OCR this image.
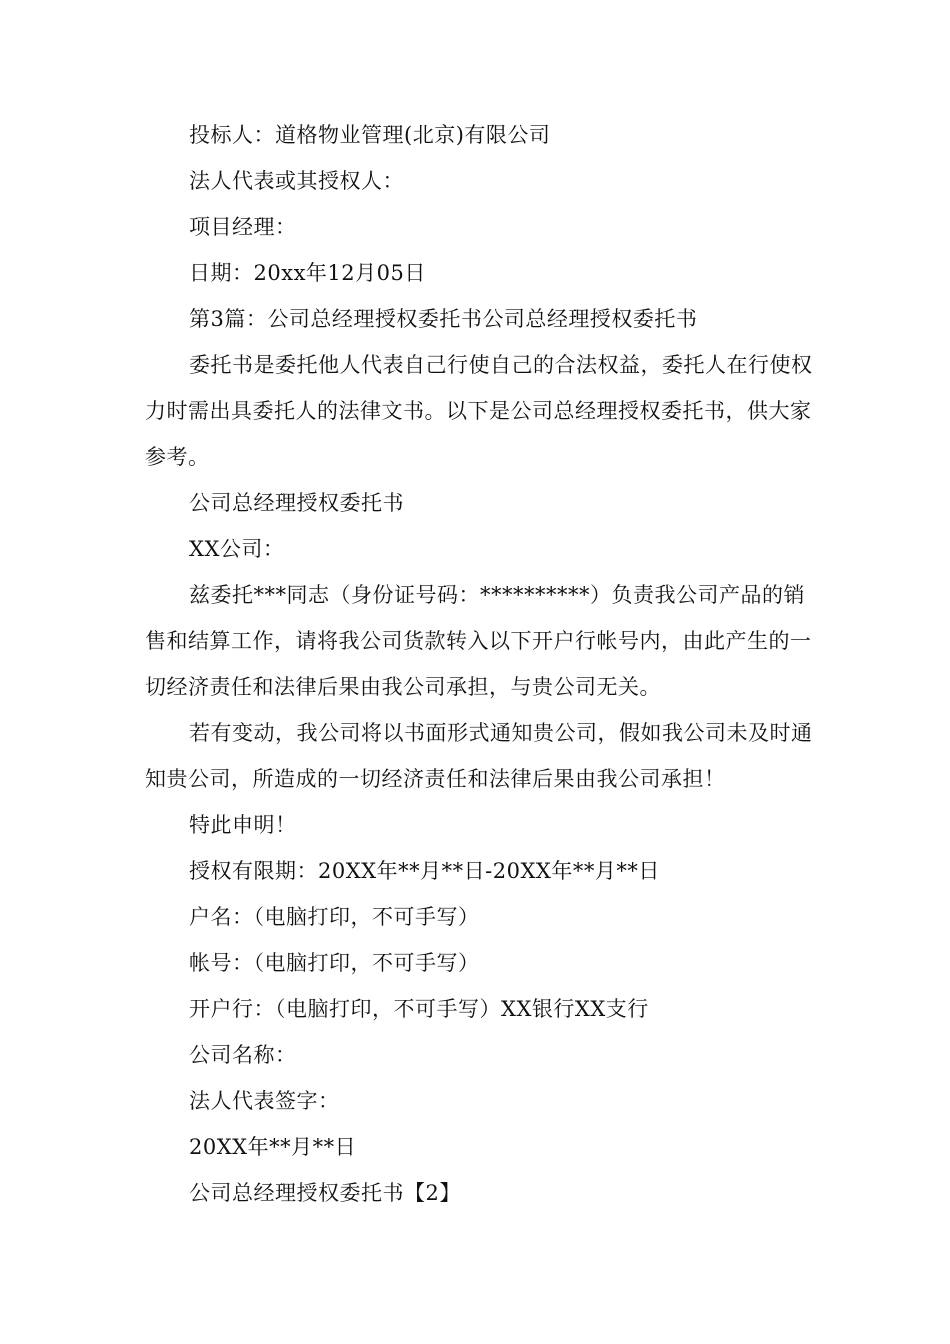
投标人：道格物业管理(北京)有限公司

法人代表或其授权人：

项目经理：

日期：20xx年12月05日

第3篇：公司总经理授权委托书公司总经理授权委托书

委托书是委托他人代表自己行使自己的合法权益，委托人在行使权力时需出具委托人的法律文书。以下是公司总经理授权委托书，供大家参考。

公司总经理授权委托书

XX公司：

兹委托***同志（身份证号码：**********）负责我公司产品的销售和结算工作，请将我公司货款转入以下开户行帐号内，由此产生的一切经济责任和法律后果由我公司承担，与贵公司无关。

若有变动，我公司将以书面形式通知贵公司，假如我公司未及时通知贵公司，所造成的一切经济责任和法律后果由我公司承担！

特此申明！

授权有限期：20XX年**月**日-20XX年**月**日

户名：（电脑打印，不可手写）

帐号：（电脑打印，不可手写）

开户行：（电脑打印，不可手写）XX银行XX支行

公司名称：

法人代表签字：

20XX年**月**日

公司总经理授权委托书【2】
